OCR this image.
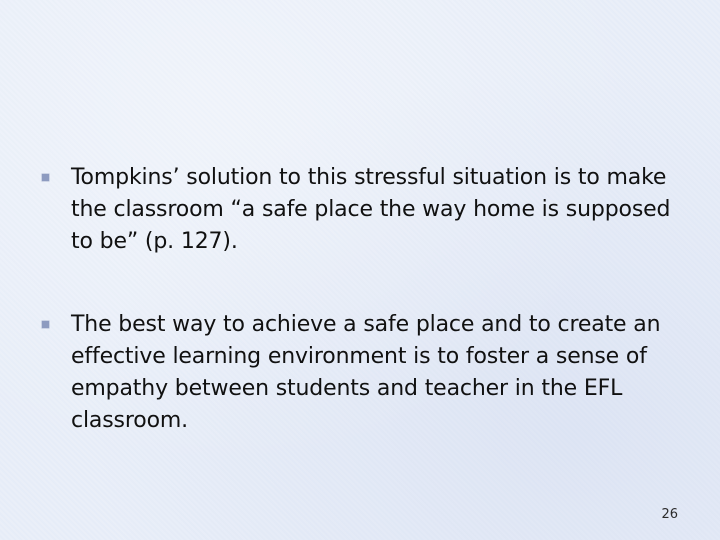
Tompkins’ solution to this stressful situation is to make the classroom “a safe place the way home is supposed to be” (p. 127).
The best way to achieve a safe place and to create an effective learning environment is to foster a sense of empathy between students and teacher in the EFL classroom.
26
